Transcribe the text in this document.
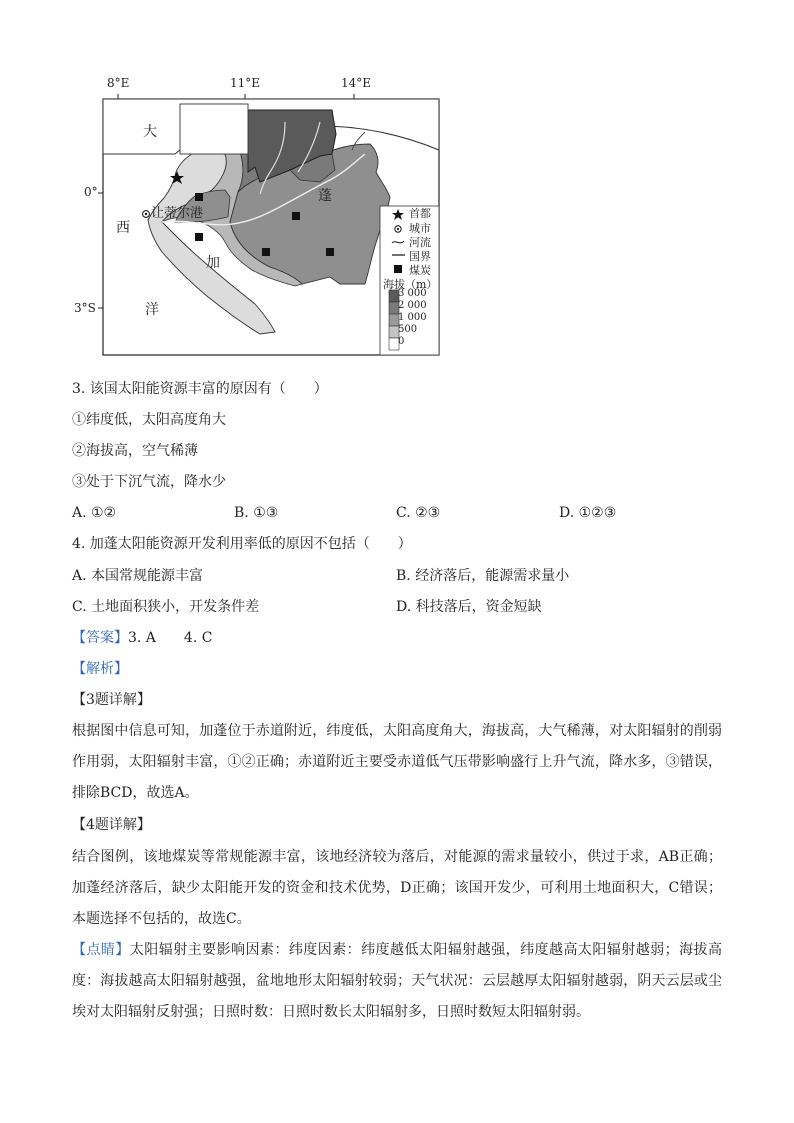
8°E	11°E	14°E
0°
3°S
大
西
洋
加
蓬
让蒂尔港	首都
城市
河流
国界
煤炭
海拔（m）
3 000
2 000
1 000
500
0
3. 该国太阳能资源丰富的原因有（　　）
①纬度低，太阳高度角大
②海拔高，空气稀薄
③处于下沉气流，降水少
A. ①②	B. ①③	C. ②③	D. ①②③
4. 加蓬太阳能资源开发利用率低的原因不包括（　　）
A. 本国常规能源丰富	B. 经济落后，能源需求量小
C. 土地面积狭小，开发条件差	D. 科技落后，资金短缺
【答案】3. A　　4. C
【解析】
【3题详解】
根据图中信息可知，加蓬位于赤道附近，纬度低，太阳高度角大，海拔高，大气稀薄，对太阳辐射的削弱作用弱，太阳辐射丰富，①②正确；赤道附近主要受赤道低气压带影响盛行上升气流，降水多，③错误，排除BCD，故选A。
【4题详解】
结合图例，该地煤炭等常规能源丰富，该地经济较为落后，对能源的需求量较小，供过于求，AB正确；加蓬经济落后，缺少太阳能开发的资金和技术优势，D正确；该国开发少，可利用土地面积大，C错误；本题选择不包括的，故选C。
【点睛】太阳辐射主要影响因素：纬度因素：纬度越低太阳辐射越强，纬度越高太阳辐射越弱；海拔高度：海拔越高太阳辐射越强，盆地地形太阳辐射较弱；天气状况：云层越厚太阳辐射越弱，阴天云层或尘埃对太阳辐射反射强；日照时数：日照时数长太阳辐射多，日照时数短太阳辐射弱。
